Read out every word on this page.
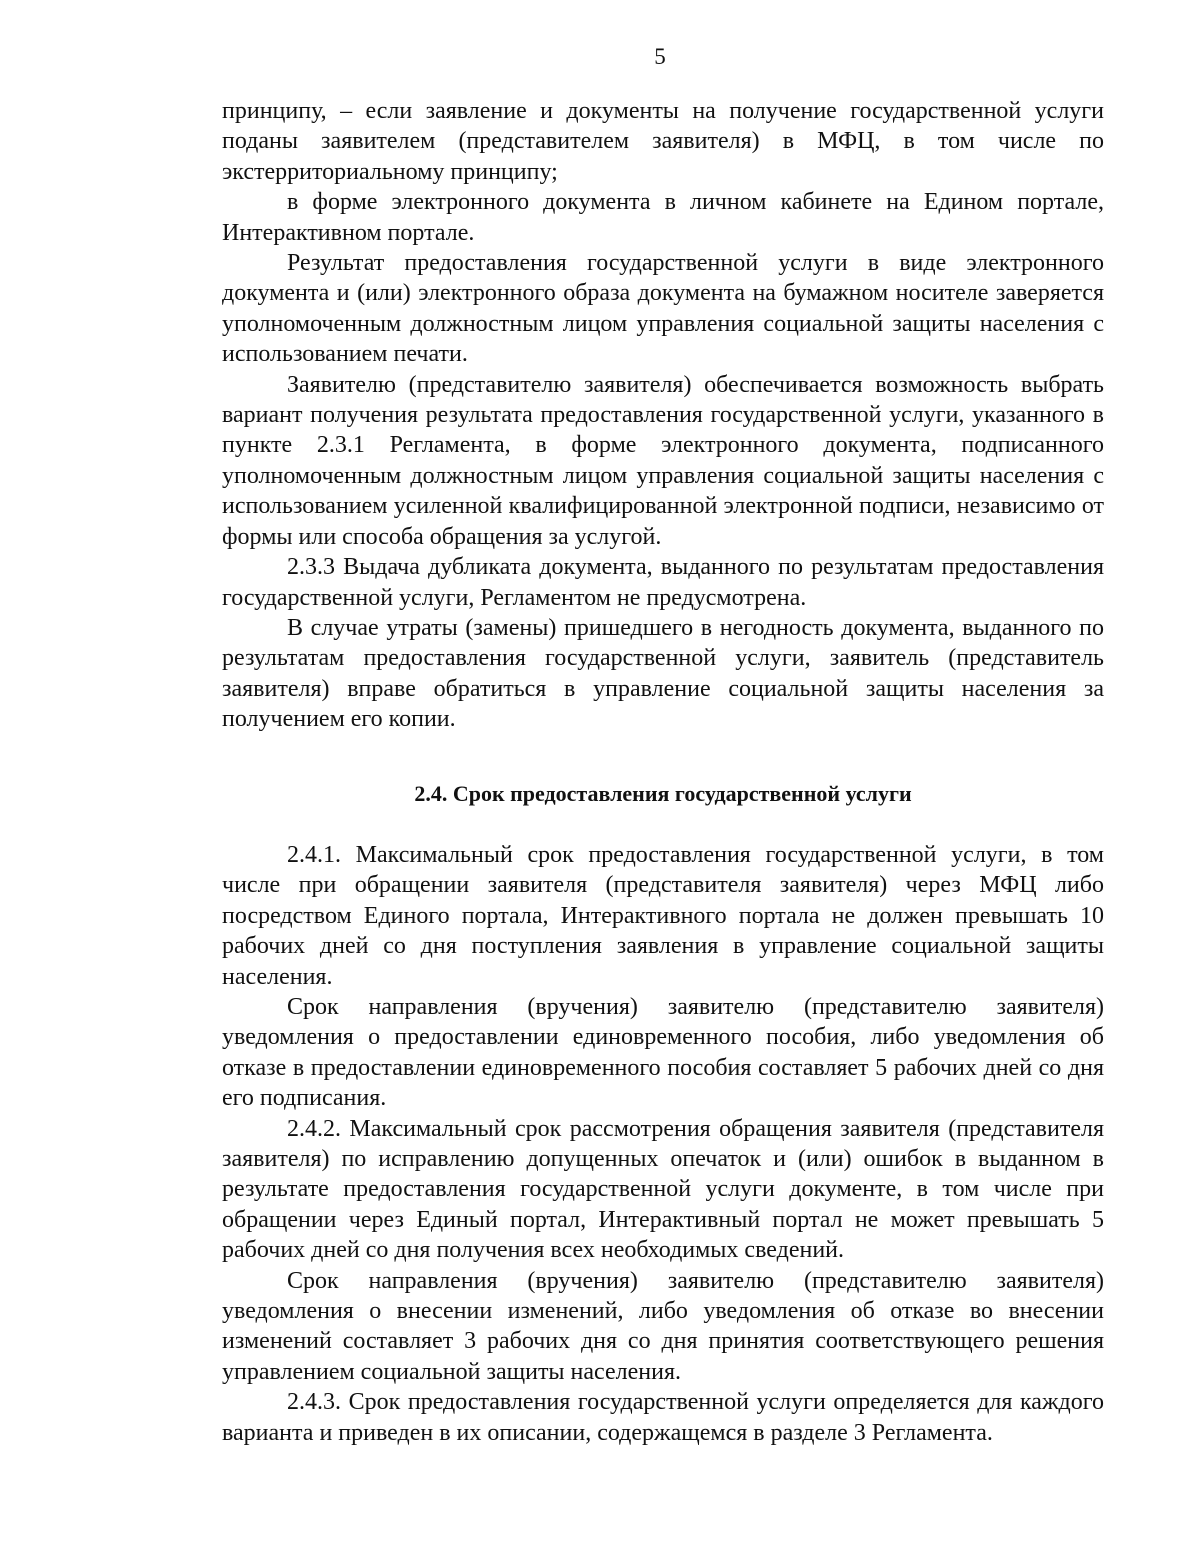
5

принципу, – если заявление и документы на получение государственной услуги поданы заявителем (представителем заявителя) в МФЦ, в том числе по экстерриториальному принципу;

в форме электронного документа в личном кабинете на Едином портале, Интерактивном портале.

Результат предоставления государственной услуги в виде электронного документа и (или) электронного образа документа на бумажном носителе заверяется уполномоченным должностным лицом управления социальной защиты населения с использованием печати.

Заявителю (представителю заявителя) обеспечивается возможность выбрать вариант получения результата предоставления государственной услуги, указанного в пункте 2.3.1 Регламента, в форме электронного документа, подписанного уполномоченным должностным лицом управления социальной защиты населения с использованием усиленной квалифицированной электронной подписи, независимо от формы или способа обращения за услугой.

2.3.3 Выдача дубликата документа, выданного по результатам предоставления государственной услуги, Регламентом не предусмотрена.

В случае утраты (замены) пришедшего в негодность документа, выданного по результатам предоставления государственной услуги, заявитель (представитель заявителя) вправе обратиться в управление социальной защиты населения за получением его копии.

2.4. Срок предоставления государственной услуги

2.4.1. Максимальный срок предоставления государственной услуги, в том числе при обращении заявителя (представителя заявителя) через МФЦ либо посредством Единого портала, Интерактивного портала не должен превышать 10 рабочих дней со дня поступления заявления в управление социальной защиты населения.

Срок направления (вручения) заявителю (представителю заявителя) уведомления о предоставлении единовременного пособия, либо уведомления об отказе в предоставлении единовременного пособия составляет 5 рабочих дней со дня его подписания.

2.4.2. Максимальный срок рассмотрения обращения заявителя (представителя заявителя) по исправлению допущенных опечаток и (или) ошибок в выданном в результате предоставления государственной услуги документе, в том числе при обращении через Единый портал, Интерактивный портал не может превышать 5 рабочих дней со дня получения всех необходимых сведений.

Срок направления (вручения) заявителю (представителю заявителя) уведомления о внесении изменений, либо уведомления об отказе во внесении изменений составляет 3 рабочих дня со дня принятия соответствующего решения управлением социальной защиты населения.

2.4.3. Срок предоставления государственной услуги определяется для каждого варианта и приведен в их описании, содержащемся в разделе 3 Регламента.
